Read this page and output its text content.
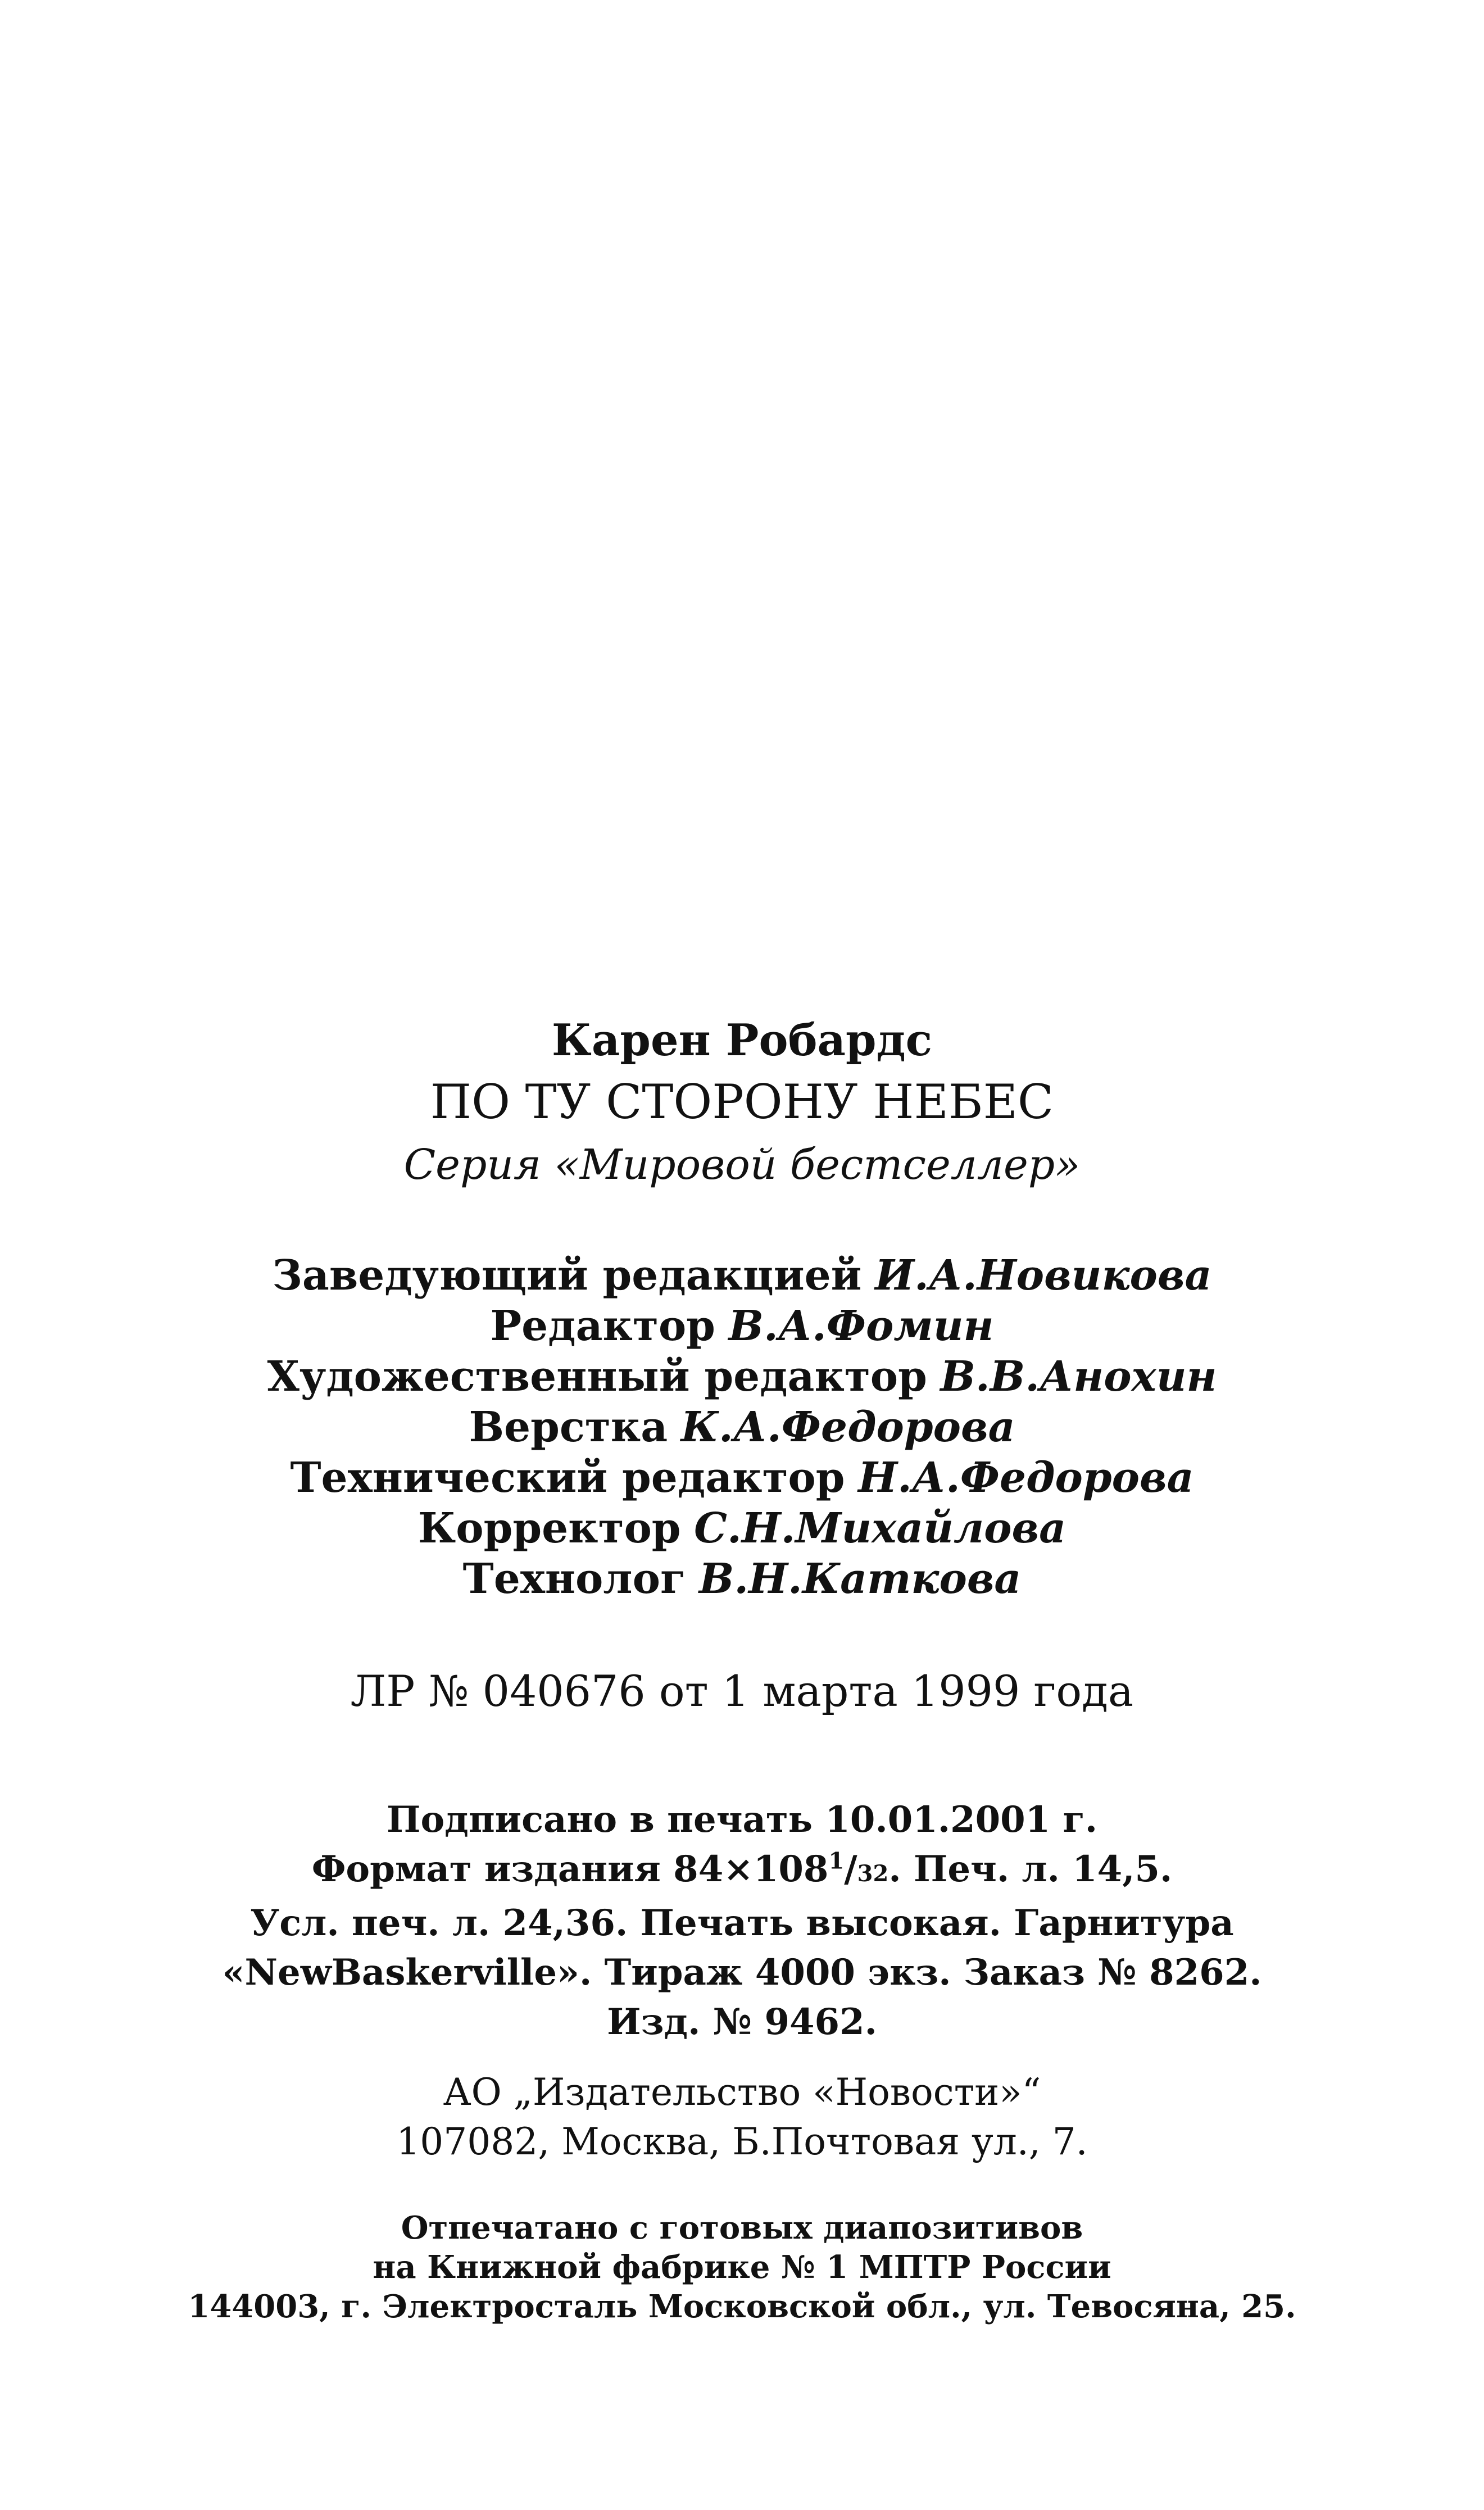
Карен Робардс
ПО ТУ СТОРОНУ НЕБЕС
Серия «Мировой бестселлер»
Заведующий редакцией И.А.Новикова
Редактор В.А.Фомин
Художественный редактор В.В.Анохин
Верстка К.А.Федорова
Технический редактор Н.А.Федорова
Корректор С.Н.Михайлова
Технолог В.Н.Каткова
ЛР № 040676 от 1 марта 1999 года
Подписано в печать 10.01.2001 г.
Формат издания $84\times 108^1/32$. Печ. л. 14,5.
Усл. печ. л. 24,36. Печать высокая. Гарнитура
«NewBaskerville». Тираж 4000 экз. Заказ № 8262.
Изд. № 9462.
АО „Издательство «Новости»“
107082, Москва, Б.Почтовая ул., 7.
Отпечатано с готовых диапозитивов
на Книжной фабрике № 1 МПТР России
144003, г. Электросталь Московской обл., ул. Тевосяна, 25.
